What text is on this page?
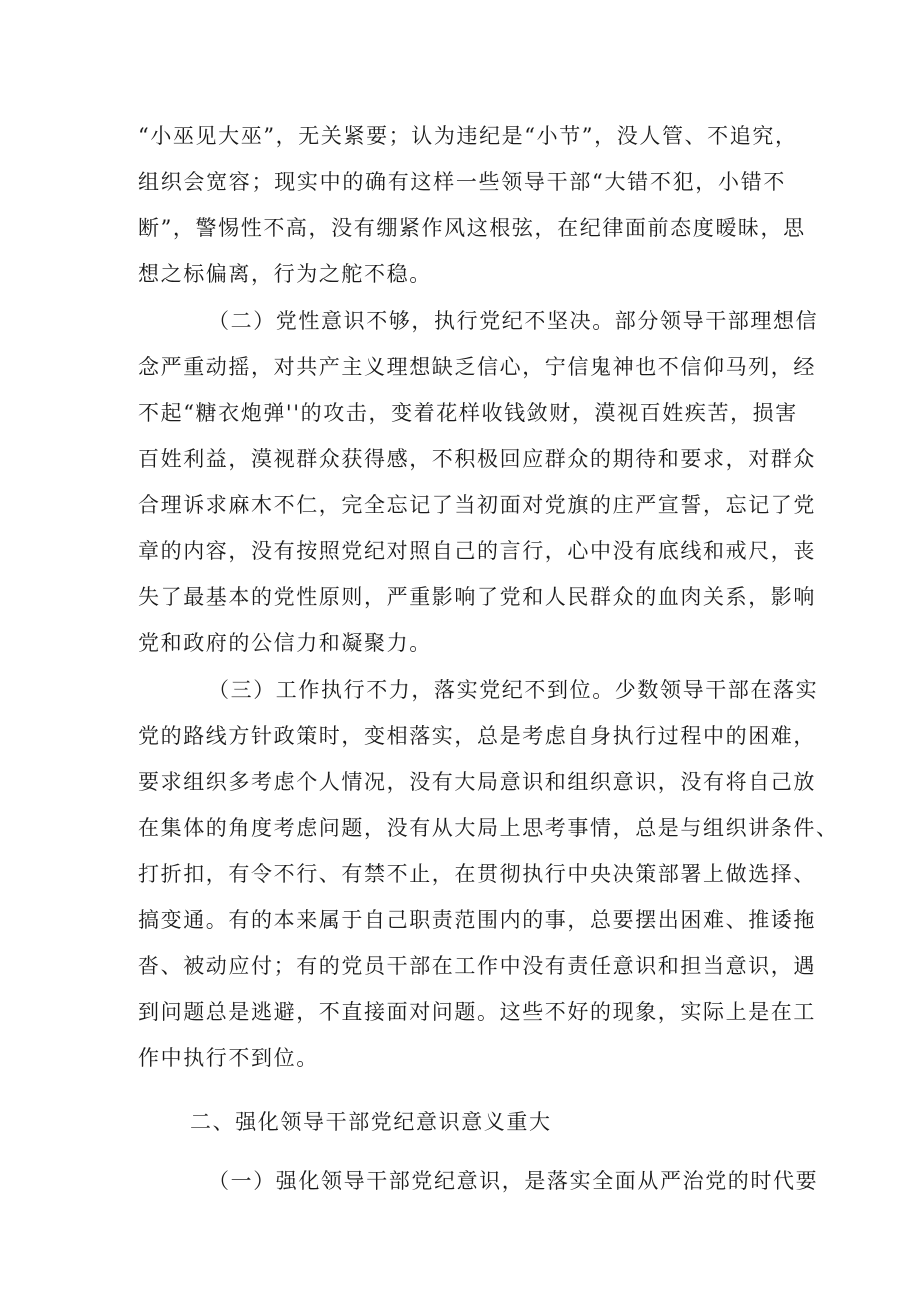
“小巫见大巫”，无关紧要；认为违纪是“小节”，没人管、不追究，
组织会宽容；现实中的确有这样一些领导干部“大错不犯，小错不
断”，警惕性不高，没有绷紧作风这根弦，在纪律面前态度暧昧，思
想之标偏离，行为之舵不稳。
（二）党性意识不够，执行党纪不坚决。部分领导干部理想信
念严重动摇，对共产主义理想缺乏信心，宁信鬼神也不信仰马列，经
不起“糖衣炮弹''的攻击，变着花样收钱敛财，漠视百姓疾苦，损害
百姓利益，漠视群众获得感，不积极回应群众的期待和要求，对群众
合理诉求麻木不仁，完全忘记了当初面对党旗的庄严宣誓，忘记了党
章的内容，没有按照党纪对照自己的言行，心中没有底线和戒尺，丧
失了最基本的党性原则，严重影响了党和人民群众的血肉关系，影响
党和政府的公信力和凝聚力。
（三）工作执行不力，落实党纪不到位。少数领导干部在落实
党的路线方针政策时，变相落实，总是考虑自身执行过程中的困难，
要求组织多考虑个人情况，没有大局意识和组织意识，没有将自己放
在集体的角度考虑问题，没有从大局上思考事情，总是与组织讲条件、
打折扣，有令不行、有禁不止，在贯彻执行中央决策部署上做选择、
搞变通。有的本来属于自己职责范围内的事，总要摆出困难、推诿拖
沓、被动应付；有的党员干部在工作中没有责任意识和担当意识，遇
到问题总是逃避，不直接面对问题。这些不好的现象，实际上是在工
作中执行不到位。
二、强化领导干部党纪意识意义重大
（一）强化领导干部党纪意识，是落实全面从严治党的时代要
